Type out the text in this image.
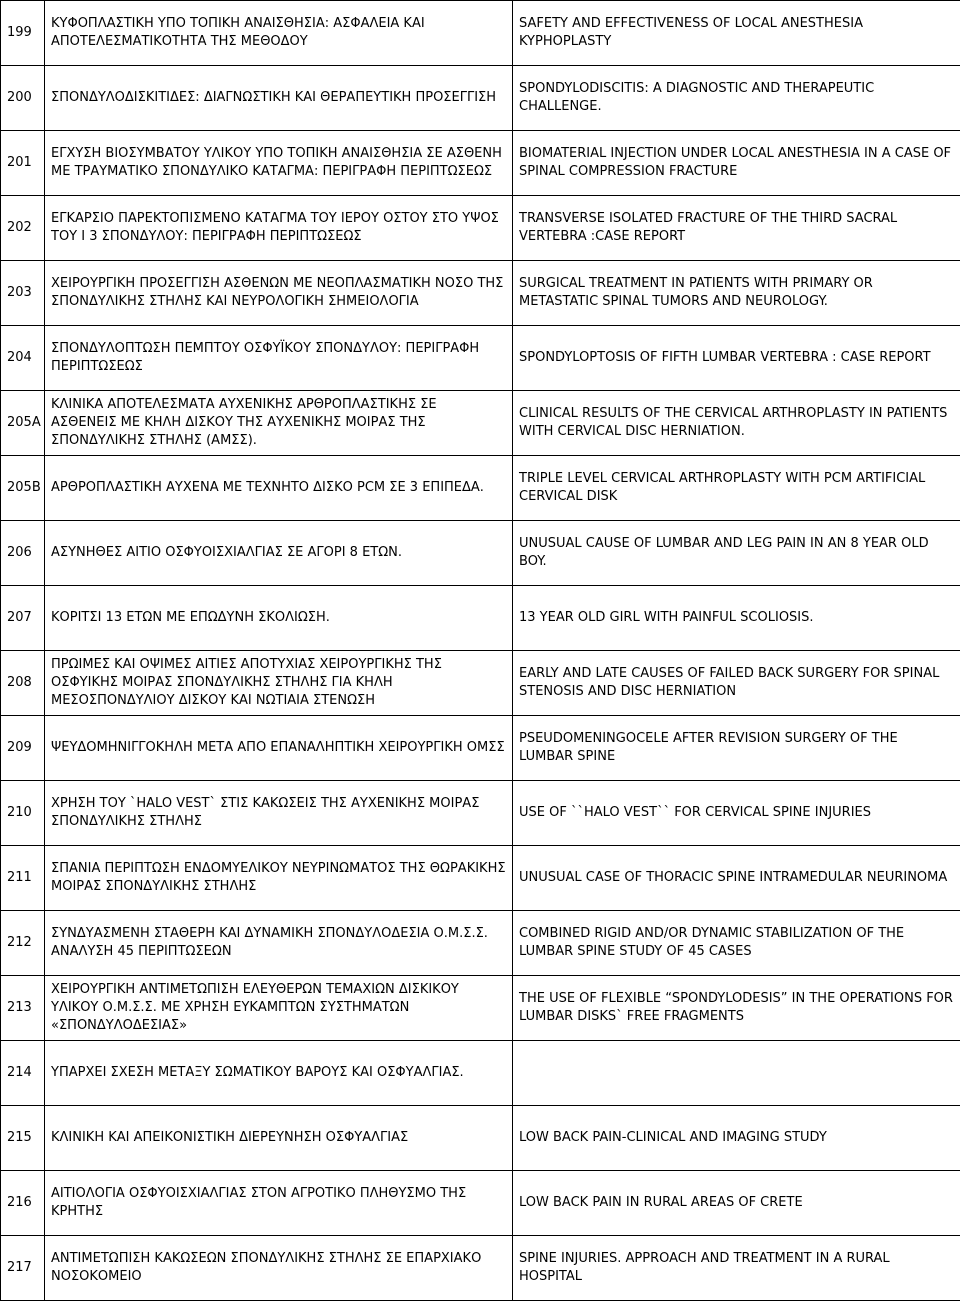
199	ΚΥΦΟΠΛΑΣΤΙΚΗ ΥΠΟ ΤΟΠΙΚΗ ΑΝΑΙΣΘΗΣΙΑ: ΑΣΦΑΛΕΙΑ ΚΑΙ ΑΠΟΤΕΛΕΣΜΑΤΙΚΟΤΗΤΑ ΤΗΣ ΜΕΘΟΔΟΥ	SAFETY AND EFFECTIVENESS OF LOCAL ANESTHESIA KYPHOPLASTY
200	ΣΠΟΝΔΥΛΟΔΙΣΚΙΤΙΔΕΣ: ΔΙΑΓΝΩΣΤΙΚΗ ΚΑΙ ΘΕΡΑΠΕΥΤΙΚΗ ΠΡΟΣΕΓΓΙΣΗ	SPONDYLODISCITIS: A DIAGNOSTIC AND THERAPEUTIC CHALLENGE.
201	ΕΓΧΥΣΗ ΒΙΟΣΥΜΒΑΤΟΥ ΥΛΙΚΟΥ ΥΠΟ ΤΟΠΙΚΗ ΑΝΑΙΣΘΗΣΙΑ ΣΕ ΑΣΘΕΝΗ ΜΕ ΤΡΑΥΜΑΤΙΚΟ ΣΠΟΝΔΥΛΙΚΟ ΚΑΤΑΓΜΑ: ΠΕΡΙΓΡΑΦΗ ΠΕΡΙΠΤΩΣΕΩΣ	BIOMATERIAL INJECTION UNDER LOCAL ANESTHESIA IN A CASE OF SPINAL COMPRESSION FRACTURE
202	ΕΓΚΑΡΣΙΟ ΠΑΡΕΚΤΟΠΙΣΜΕΝΟ ΚΑΤΑΓΜΑ ΤΟΥ ΙΕΡΟΥ ΟΣΤΟΥ ΣΤΟ ΥΨΟΣ ΤΟΥ Ι 3 ΣΠΟΝΔΥΛΟΥ: ΠΕΡΙΓΡΑΦΗ ΠΕΡΙΠΤΩΣΕΩΣ	TRANSVERSE ISOLATED FRACTURE OF THE THIRD SACRAL VERTEBRA :CASE REPORT
203	ΧΕΙΡΟΥΡΓΙΚΗ ΠΡΟΣΕΓΓΙΣΗ ΑΣΘΕΝΩΝ ΜΕ ΝΕΟΠΛΑΣΜΑΤΙΚΗ ΝΟΣΟ ΤΗΣ ΣΠΟΝΔΥΛΙΚΗΣ ΣΤΗΛΗΣ ΚΑΙ ΝΕΥΡΟΛΟΓΙΚΗ ΣΗΜΕΙΟΛΟΓΙΑ	SURGICAL TREATMENT IN PATIENTS WITH PRIMARY OR METASTATIC SPINAL TUMORS AND NEUROLOGY.
204	ΣΠΟΝΔΥΛΟΠΤΩΣΗ ΠΕΜΠΤΟΥ ΟΣΦΥΪΚΟΥ ΣΠΟΝΔΥΛΟΥ: ΠΕΡΙΓΡΑΦΗ ΠΕΡΙΠΤΩΣΕΩΣ	SPONDYLOPTOSIS OF FIFTH LUMBAR VERTEBRA : CASE REPORT
205A	ΚΛΙΝΙΚΑ ΑΠΟΤΕΛΕΣΜΑΤΑ ΑΥΧΕΝΙΚΗΣ ΑΡΘΡΟΠΛΑΣΤΙΚΗΣ ΣΕ ΑΣΘΕΝΕΙΣ ΜΕ ΚΗΛΗ ΔΙΣΚΟΥ ΤΗΣ ΑΥΧΕΝΙΚΗΣ ΜΟΙΡΑΣ ΤΗΣ ΣΠΟΝΔΥΛΙΚΗΣ ΣΤΗΛΗΣ (ΑΜΣΣ).	CLINICAL RESULTS OF THE CERVICAL ARTHROPLASTY IN PATIENTS WITH CERVICAL DISC HERNIATION.
205B	ΑΡΘΡΟΠΛΑΣΤΙΚΗ ΑΥΧΕΝΑ ΜΕ ΤΕΧΝΗΤΟ ΔΙΣΚΟ PCM ΣΕ 3 ΕΠΙΠΕΔΑ.	TRIPLE LEVEL CERVICAL ARTHROPLASTY WITH PCM ARTIFICIAL CERVICAL DISK
206	ΑΣΥΝΗΘΕΣ ΑΙΤΙΟ ΟΣΦΥΟΙΣΧΙΑΛΓΙΑΣ ΣΕ ΑΓΟΡΙ 8 ΕΤΩΝ.	UNUSUAL CAUSE OF LUMBAR AND LEG PAIN IN AN 8 YEAR OLD BOY.
207	ΚΟΡΙΤΣΙ 13 ΕΤΩΝ ΜΕ ΕΠΩΔΥΝΗ ΣΚΟΛΙΩΣΗ.	13 YEAR OLD GIRL WITH PAINFUL SCOLIOSIS.
208	ΠΡΩΙΜΕΣ ΚΑΙ ΟΨΙΜΕΣ ΑΙΤΙΕΣ ΑΠΟΤΥΧΙΑΣ ΧΕΙΡΟΥΡΓΙΚΗΣ ΤΗΣ ΟΣΦΥΙΚΗΣ ΜΟΙΡΑΣ ΣΠΟΝΔΥΛΙΚΗΣ ΣΤΗΛΗΣ ΓΙΑ ΚΗΛΗ ΜΕΣΟΣΠΟΝΔΥΛΙΟΥ ΔΙΣΚΟΥ ΚΑΙ ΝΩΤΙΑΙΑ ΣΤΕΝΩΣΗ	EARLY AND LATE CAUSES OF FAILED BACK SURGERY FOR SPINAL STENOSIS AND DISC HERNIATION
209	ΨΕΥΔΟΜΗΝΙΓΓΟΚΗΛΗ ΜΕΤΑ ΑΠΟ ΕΠΑΝΑΛΗΠΤΙΚΗ ΧΕΙΡΟΥΡΓΙΚΗ ΟΜΣΣ	PSEUDOMENINGOCELE AFTER REVISION SURGERY OF THE LUMBAR SPINE
210	ΧΡΗΣΗ ΤΟΥ `HALO VEST` ΣΤΙΣ ΚΑΚΩΣΕΙΣ ΤΗΣ ΑΥΧΕΝΙΚΗΣ ΜΟΙΡΑΣ ΣΠΟΝΔΥΛΙΚΗΣ ΣΤΗΛΗΣ	USE OF ``HALO VEST`` FOR CERVICAL SPINE INJURIES
211	ΣΠΑΝΙΑ ΠΕΡΙΠΤΩΣΗ ΕΝΔΟΜΥΕΛΙΚΟΥ ΝΕΥΡΙΝΩΜΑΤΟΣ ΤΗΣ ΘΩΡΑΚΙΚΗΣ ΜΟΙΡΑΣ ΣΠΟΝΔΥΛΙΚΗΣ ΣΤΗΛΗΣ	UNUSUAL CASE OF THORACIC SPINE INTRAMEDULAR NEURINOMA
212	ΣΥΝΔΥΑΣΜΕΝΗ ΣΤΑΘΕΡΗ ΚΑΙ ΔΥΝΑΜΙΚΗ ΣΠΟΝΔΥΛΟΔΕΣΙΑ Ο.Μ.Σ.Σ. ΑΝΑΛΥΣΗ 45 ΠΕΡΙΠΤΩΣΕΩΝ	COMBINED RIGID AND/OR DYNAMIC STABILIZATION OF THE LUMBAR SPINE STUDY OF 45 CASES
213	ΧΕΙΡΟΥΡΓΙΚΗ ΑΝΤΙΜΕΤΩΠΙΣΗ ΕΛΕΥΘΕΡΩΝ ΤΕΜΑΧΙΩΝ ΔΙΣΚΙΚΟΥ ΥΛΙΚΟΥ Ο.Μ.Σ.Σ. ΜΕ ΧΡΗΣΗ ΕΥΚΑΜΠΤΩΝ ΣΥΣΤΗΜΑΤΩΝ «ΣΠΟΝΔΥΛΟΔΕΣΙΑΣ»	THE USE OF FLEXIBLE “SPONDYLODESIS” IN THE OPERATIONS FOR LUMBAR DISKS` FREE FRAGMENTS
214	ΥΠΑΡΧΕΙ ΣΧΕΣΗ ΜΕΤΑΞΥ ΣΩΜΑΤΙΚΟΥ ΒΑΡΟΥΣ ΚΑΙ ΟΣΦΥΑΛΓΙΑΣ.	
215	ΚΛΙΝΙΚΗ ΚΑΙ ΑΠΕΙΚΟΝΙΣΤΙΚΗ ΔΙΕΡΕΥΝΗΣΗ ΟΣΦΥΑΛΓΙΑΣ	LOW BACK PAIN-CLINICAL AND IMAGING STUDY
216	ΑΙΤΙΟΛΟΓΙΑ ΟΣΦΥΟΙΣΧΙΑΛΓΙΑΣ ΣΤΟΝ ΑΓΡΟΤΙΚΟ ΠΛΗΘΥΣΜΟ ΤΗΣ ΚΡΗΤΗΣ	LOW BACK PAIN IN RURAL AREAS OF CRETE
217	ΑΝΤΙΜΕΤΩΠΙΣΗ ΚΑΚΩΣΕΩΝ ΣΠΟΝΔΥΛΙΚΗΣ ΣΤΗΛΗΣ ΣΕ ΕΠΑΡΧΙΑΚΟ ΝΟΣΟΚΟΜΕΙΟ	SPINE INJURIES. APPROACH AND TREATMENT IN A RURAL HOSPITAL
